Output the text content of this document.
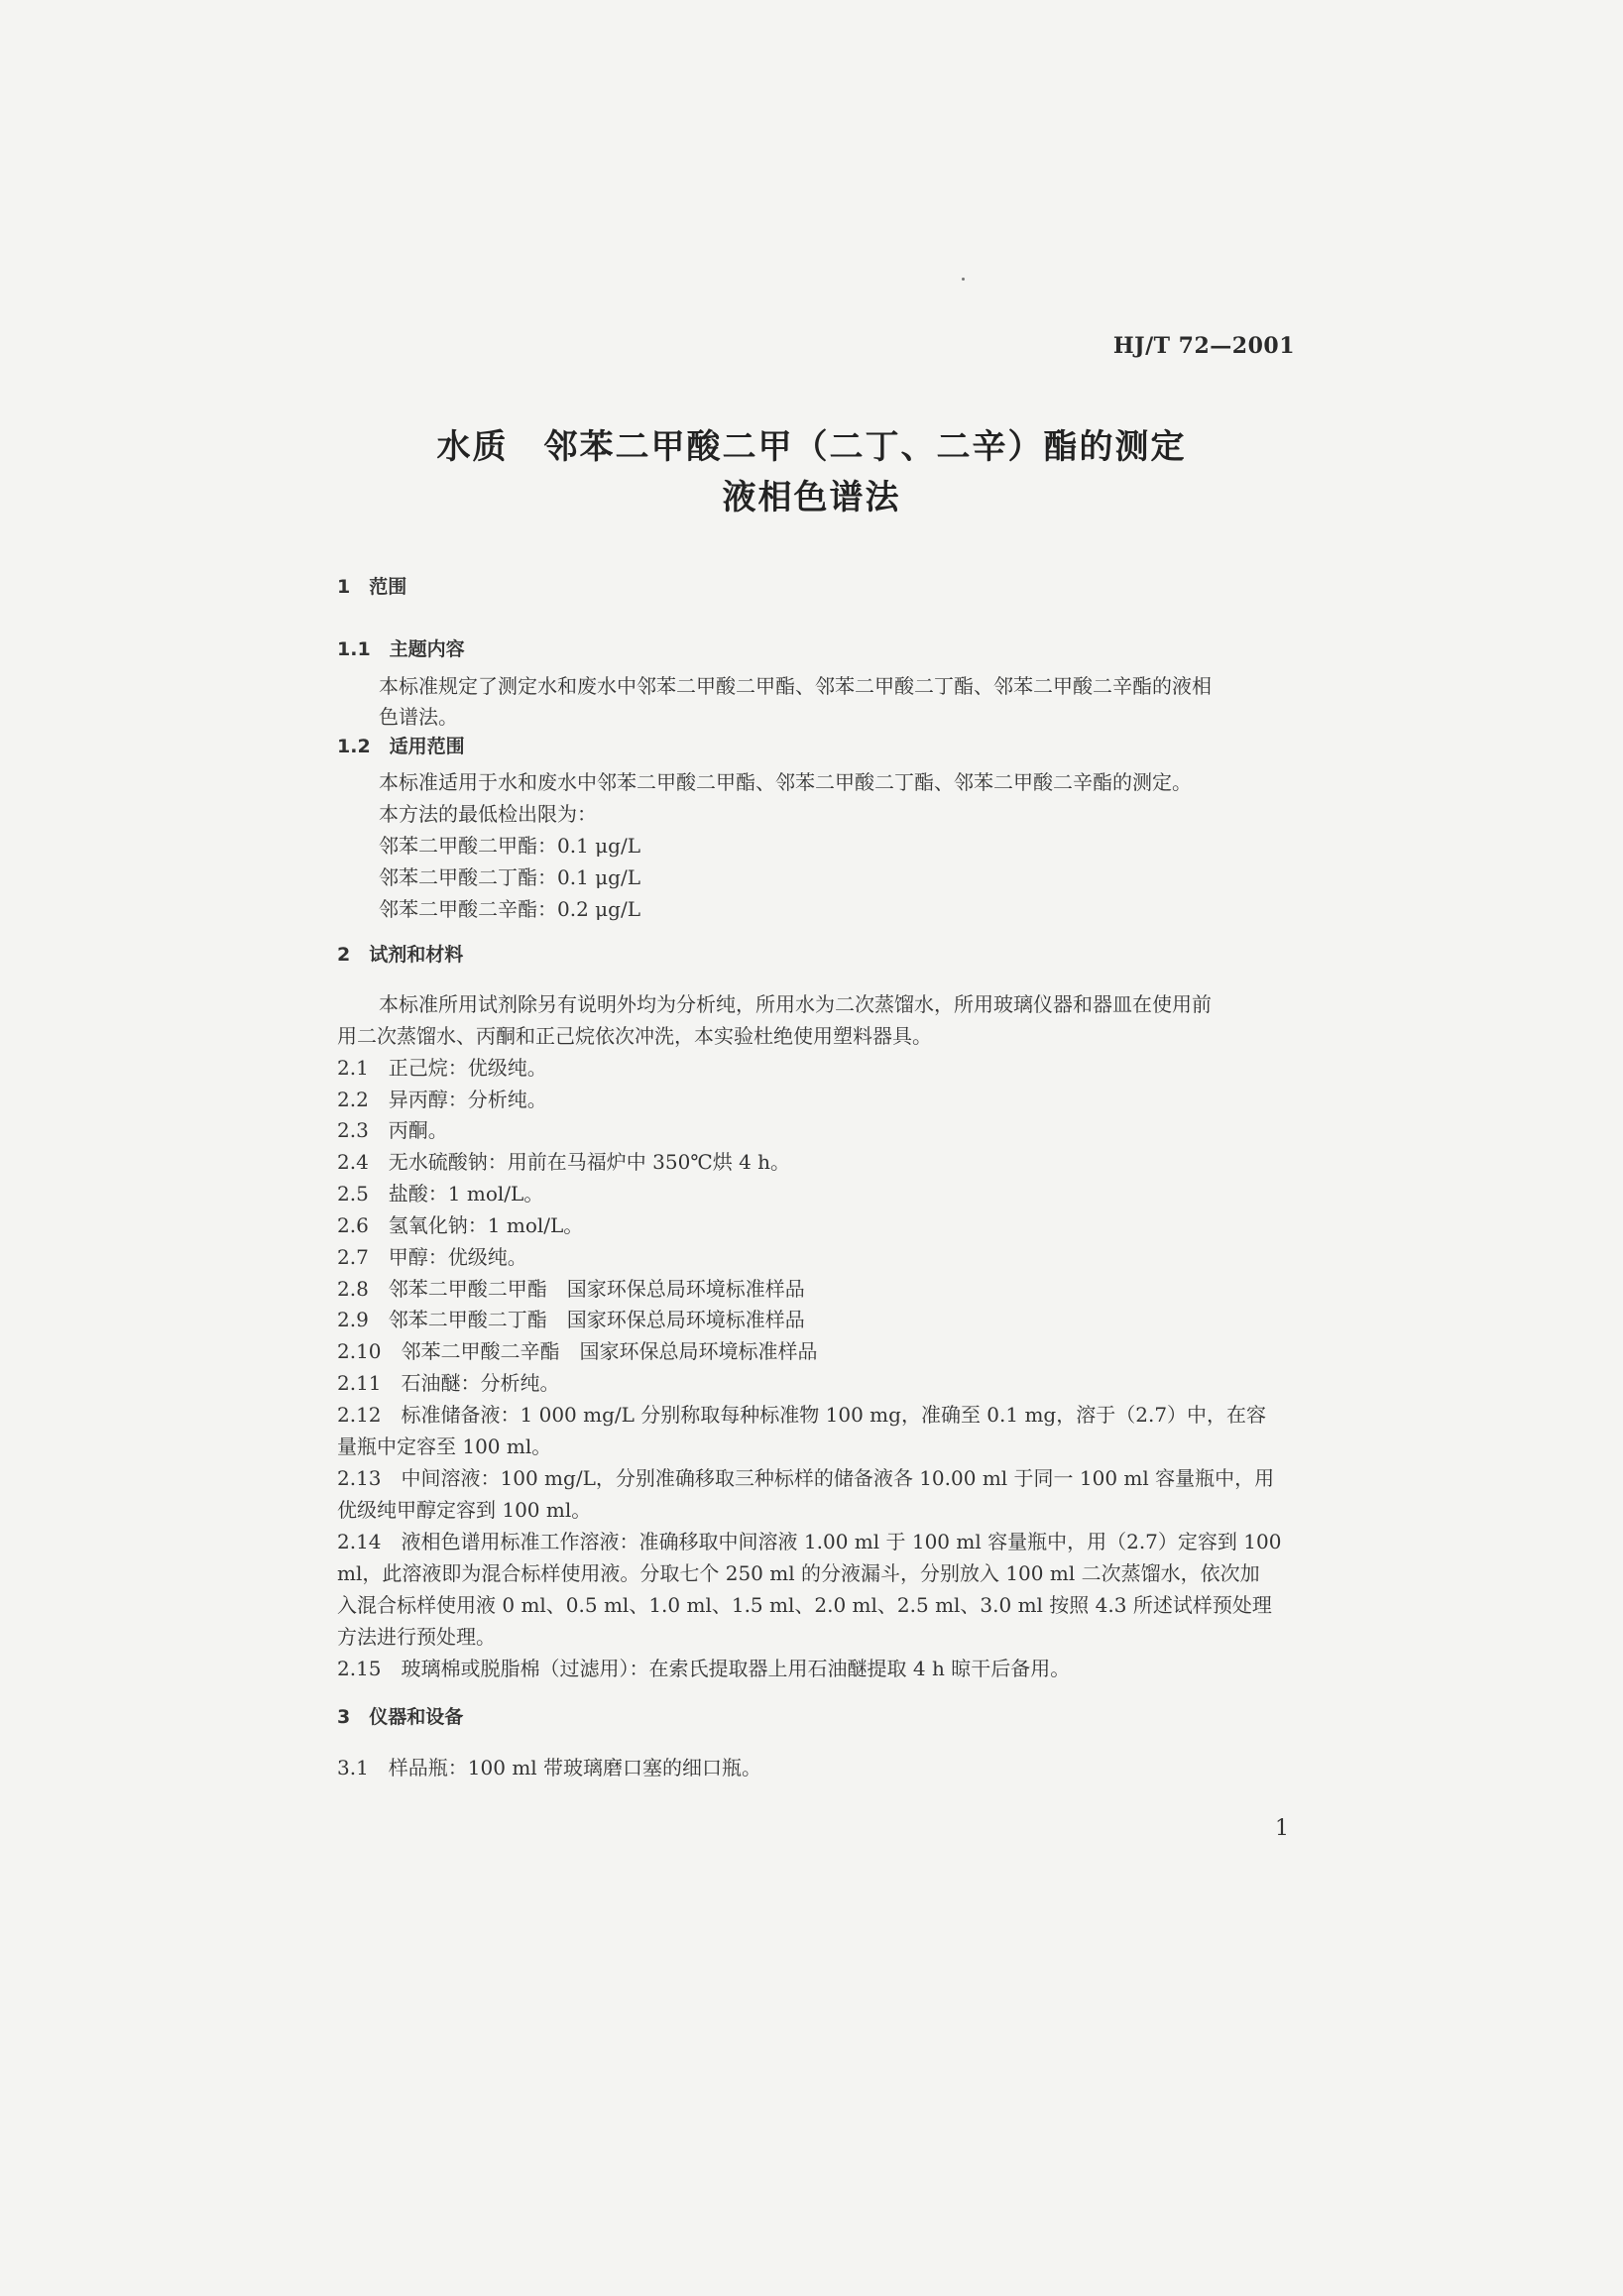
HJ/T 72—2001
水质　邻苯二甲酸二甲（二丁、二辛）酯的测定
液相色谱法
1　范围
1.1　主题内容
本标准规定了测定水和废水中邻苯二甲酸二甲酯、邻苯二甲酸二丁酯、邻苯二甲酸二辛酯的液相
色谱法。
1.2　适用范围
本标准适用于水和废水中邻苯二甲酸二甲酯、邻苯二甲酸二丁酯、邻苯二甲酸二辛酯的测定。
本方法的最低检出限为：
邻苯二甲酸二甲酯：0.1 μg/L
邻苯二甲酸二丁酯：0.1 μg/L
邻苯二甲酸二辛酯：0.2 μg/L
2　试剂和材料
本标准所用试剂除另有说明外均为分析纯，所用水为二次蒸馏水，所用玻璃仪器和器皿在使用前
用二次蒸馏水、丙酮和正己烷依次冲洗，本实验杜绝使用塑料器具。
2.1　正己烷：优级纯。
2.2　异丙醇：分析纯。
2.3　丙酮。
2.4　无水硫酸钠：用前在马福炉中 350℃烘 4 h。
2.5　盐酸：1 mol/L。
2.6　氢氧化钠：1 mol/L。
2.7　甲醇：优级纯。
2.8　邻苯二甲酸二甲酯　国家环保总局环境标准样品
2.9　邻苯二甲酸二丁酯　国家环保总局环境标准样品
2.10　邻苯二甲酸二辛酯　国家环保总局环境标准样品
2.11　石油醚：分析纯。
2.12　标准储备液：1 000 mg/L 分别称取每种标准物 100 mg，准确至 0.1 mg，溶于（2.7）中，在容
量瓶中定容至 100 ml。
2.13　中间溶液：100 mg/L，分别准确移取三种标样的储备液各 10.00 ml 于同一 100 ml 容量瓶中，用
优级纯甲醇定容到 100 ml。
2.14　液相色谱用标准工作溶液：准确移取中间溶液 1.00 ml 于 100 ml 容量瓶中，用（2.7）定容到 100
ml，此溶液即为混合标样使用液。分取七个 250 ml 的分液漏斗，分别放入 100 ml 二次蒸馏水，依次加
入混合标样使用液 0 ml、0.5 ml、1.0 ml、1.5 ml、2.0 ml、2.5 ml、3.0 ml 按照 4.3 所述试样预处理
方法进行预处理。
2.15　玻璃棉或脱脂棉（过滤用）：在索氏提取器上用石油醚提取 4 h 晾干后备用。
3　仪器和设备
3.1　样品瓶：100 ml 带玻璃磨口塞的细口瓶。
1
